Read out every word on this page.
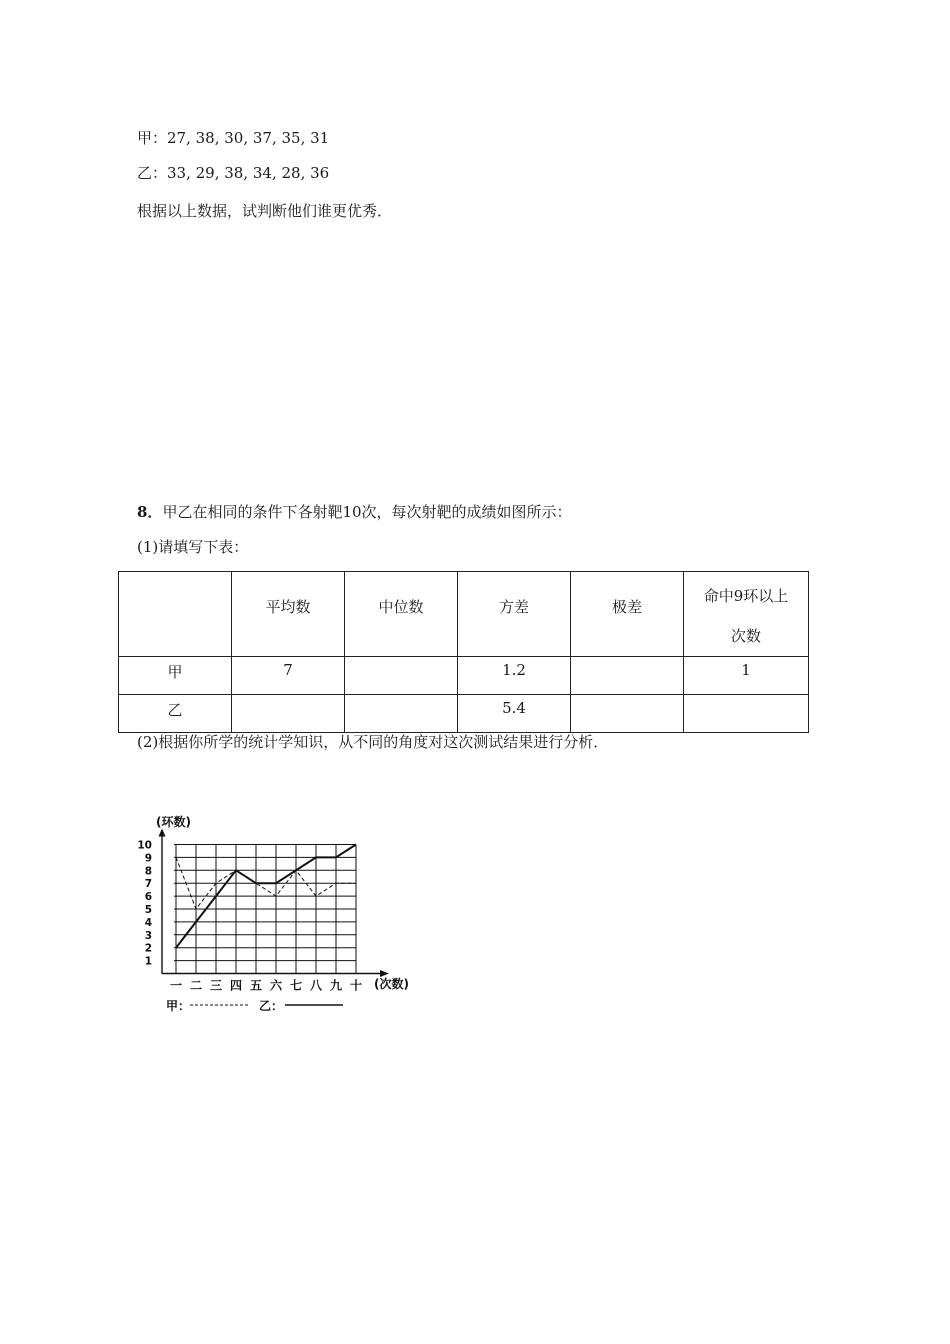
甲：27, 38, 30, 37, 35, 31
乙：33, 29, 38, 34, 28, 36
根据以上数据，试判断他们谁更优秀．
8．甲乙在相同的条件下各射靶10次，每次射靶的成绩如图所示：
(1)请填写下表：
	平均数	中位数	方差	极差	命中9环以上
次数
甲	7		1.2		1
乙			5.4		
(2)根据你所学的统计学知识，从不同的角度对这次测试结果进行分析．
1
2
3
4
5
6
7
8
9
10
一 二 三 四 五 六 七 八 九 十
(环数)
(次数)
甲：	乙：
